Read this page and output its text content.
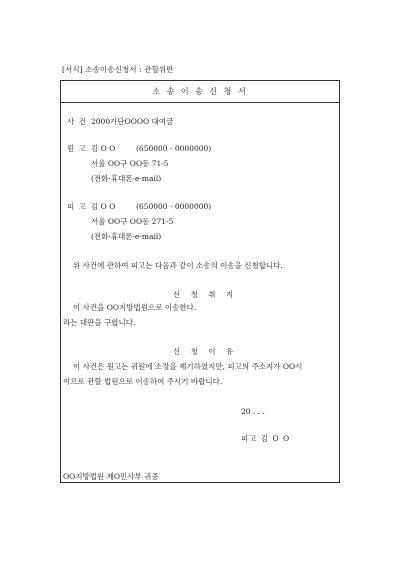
[서식] 소송이송신청서 : 관할위반
소 송 이 송 신 청 서
사 건 2000가단OOOO 대여금
원 고 김 O O	(650000 - 0000000)
서울 OO구 OO동 71-5
(전화·휴대폰·e-mail)
피 고 김 O O	(650000 - 0000000)
서울 OO구 OO동 271-5
(전화·휴대폰·e-mail)
위 사건에 관하여 피고는 다음과 같이 소송의 이송을 신청합니다.
신 청 취 지
이 사건을 OO지방법원으로 이송한다.
라는 대판을 구합니다.
신 청 이 유
이 사건은 원고는 귀원에 소장을 제기하였지만, 피고의 주소지가 OO시
이므로 관할 법원으로 이송하여 주시기 바랍니다.
20 . . .
피고 김 O O
OO지방법원 제O민사부 귀중
